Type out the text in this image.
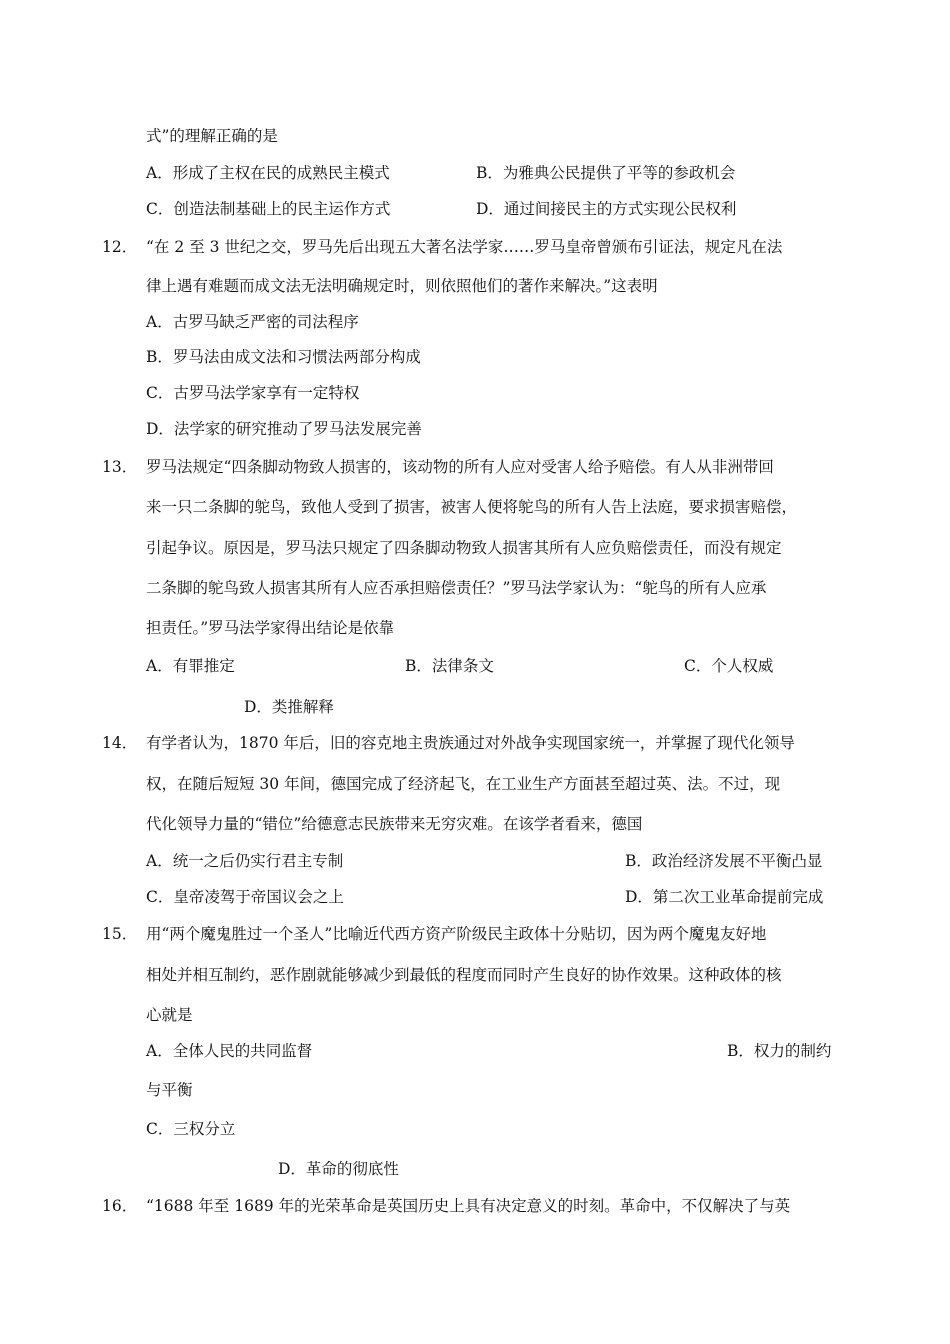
式”的理解正确的是
A．形成了主权在民的成熟民主模式	B．为雅典公民提供了平等的参政机会
C．创造法制基础上的民主运作方式	D．通过间接民主的方式实现公民权利
12． “在 2 至 3 世纪之交，罗马先后出现五大著名法学家……罗马皇帝曾颁布引证法，规定凡在法
律上遇有难题而成文法无法明确规定时，则依照他们的著作来解决。”这表明
A．古罗马缺乏严密的司法程序
B．罗马法由成文法和习惯法两部分构成
C．古罗马法学家享有一定特权
D．法学家的研究推动了罗马法发展完善
13． 罗马法规定“四条脚动物致人损害的，该动物的所有人应对受害人给予赔偿。有人从非洲带回
来一只二条脚的鸵鸟，致他人受到了损害，被害人便将鸵鸟的所有人告上法庭，要求损害赔偿，
引起争议。原因是，罗马法只规定了四条脚动物致人损害其所有人应负赔偿责任，而没有规定
二条脚的鸵鸟致人损害其所有人应否承担赔偿责任？”罗马法学家认为：“鸵鸟的所有人应承
担责任。”罗马法学家得出结论是依靠
A．有罪推定	B．法律条文	C．个人权威
D．类推解释
14． 有学者认为，1870 年后，旧的容克地主贵族通过对外战争实现国家统一，并掌握了现代化领导
权，在随后短短 30 年间，德国完成了经济起飞，在工业生产方面甚至超过英、法。不过，现
代化领导力量的“错位”给德意志民族带来无穷灾难。在该学者看来，德国
A．统一之后仍实行君主专制	B．政治经济发展不平衡凸显
C．皇帝凌驾于帝国议会之上	D．第二次工业革命提前完成
15． 用“两个魔鬼胜过一个圣人”比喻近代西方资产阶级民主政体十分贴切，因为两个魔鬼友好地
相处并相互制约，恶作剧就能够减少到最低的程度而同时产生良好的协作效果。这种政体的核
心就是
A．全体人民的共同监督	B．权力的制约
与平衡
C．三权分立
D．革命的彻底性
16． “1688 年至 1689 年的光荣革命是英国历史上具有决定意义的时刻。革命中，不仅解决了与英
